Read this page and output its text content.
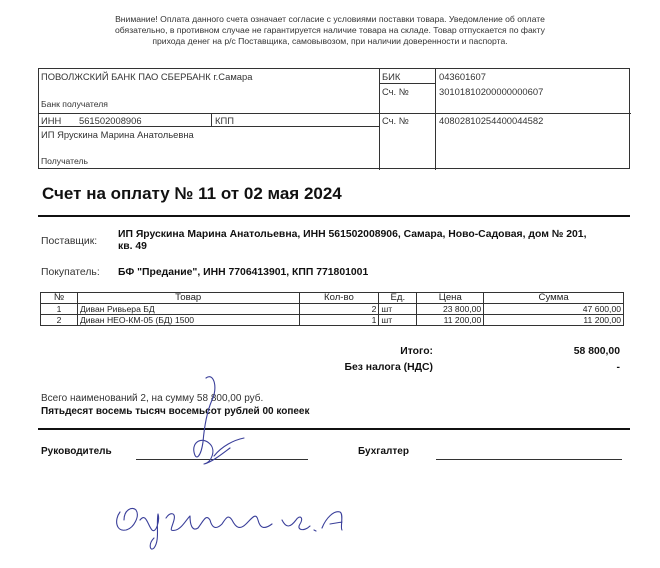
Внимание! Оплата данного счета означает согласие с условиями поставки товара. Уведомление об оплате
обязательно, в противном случае не гарантируется наличие товара на складе. Товар отпускается по факту
прихода денег на р/с Поставщика, самовывозом, при наличии доверенности и паспорта.
ПОВОЛЖСКИЙ БАНК ПАО СБЕРБАНК г.Самара
Банк получателя
БИК	043601607
Сч. №	30101810200000000607
ИНН 561502008906	КПП	Сч. №	40802810254400044582
ИП Ярускина Марина Анатольевна
Получатель
Счет на оплату № 11 от 02 мая 2024
Поставщик:
ИП Ярускина Марина Анатольевна, ИНН 561502008906, Самара, Ново-Садовая, дом № 201,
кв. 49
Покупатель: БФ "Предание", ИНН 7706413901, КПП 771801001
№	Товар	Кол-во	Ед.	Цена	Сумма
1	Диван Ривьера БД	2	шт	23 800,00	47 600,00
2	Диван НЕО-КМ-05 (БД) 1500	1	шт	11 200,00	11 200,00
Итого:	58 800,00
Без налога (НДС)	-
Всего наименований 2, на сумму 58 800,00 руб.
Пятьдесят восемь тысяч восемьсот рублей 00 копеек
Руководитель	Бухгалтер
